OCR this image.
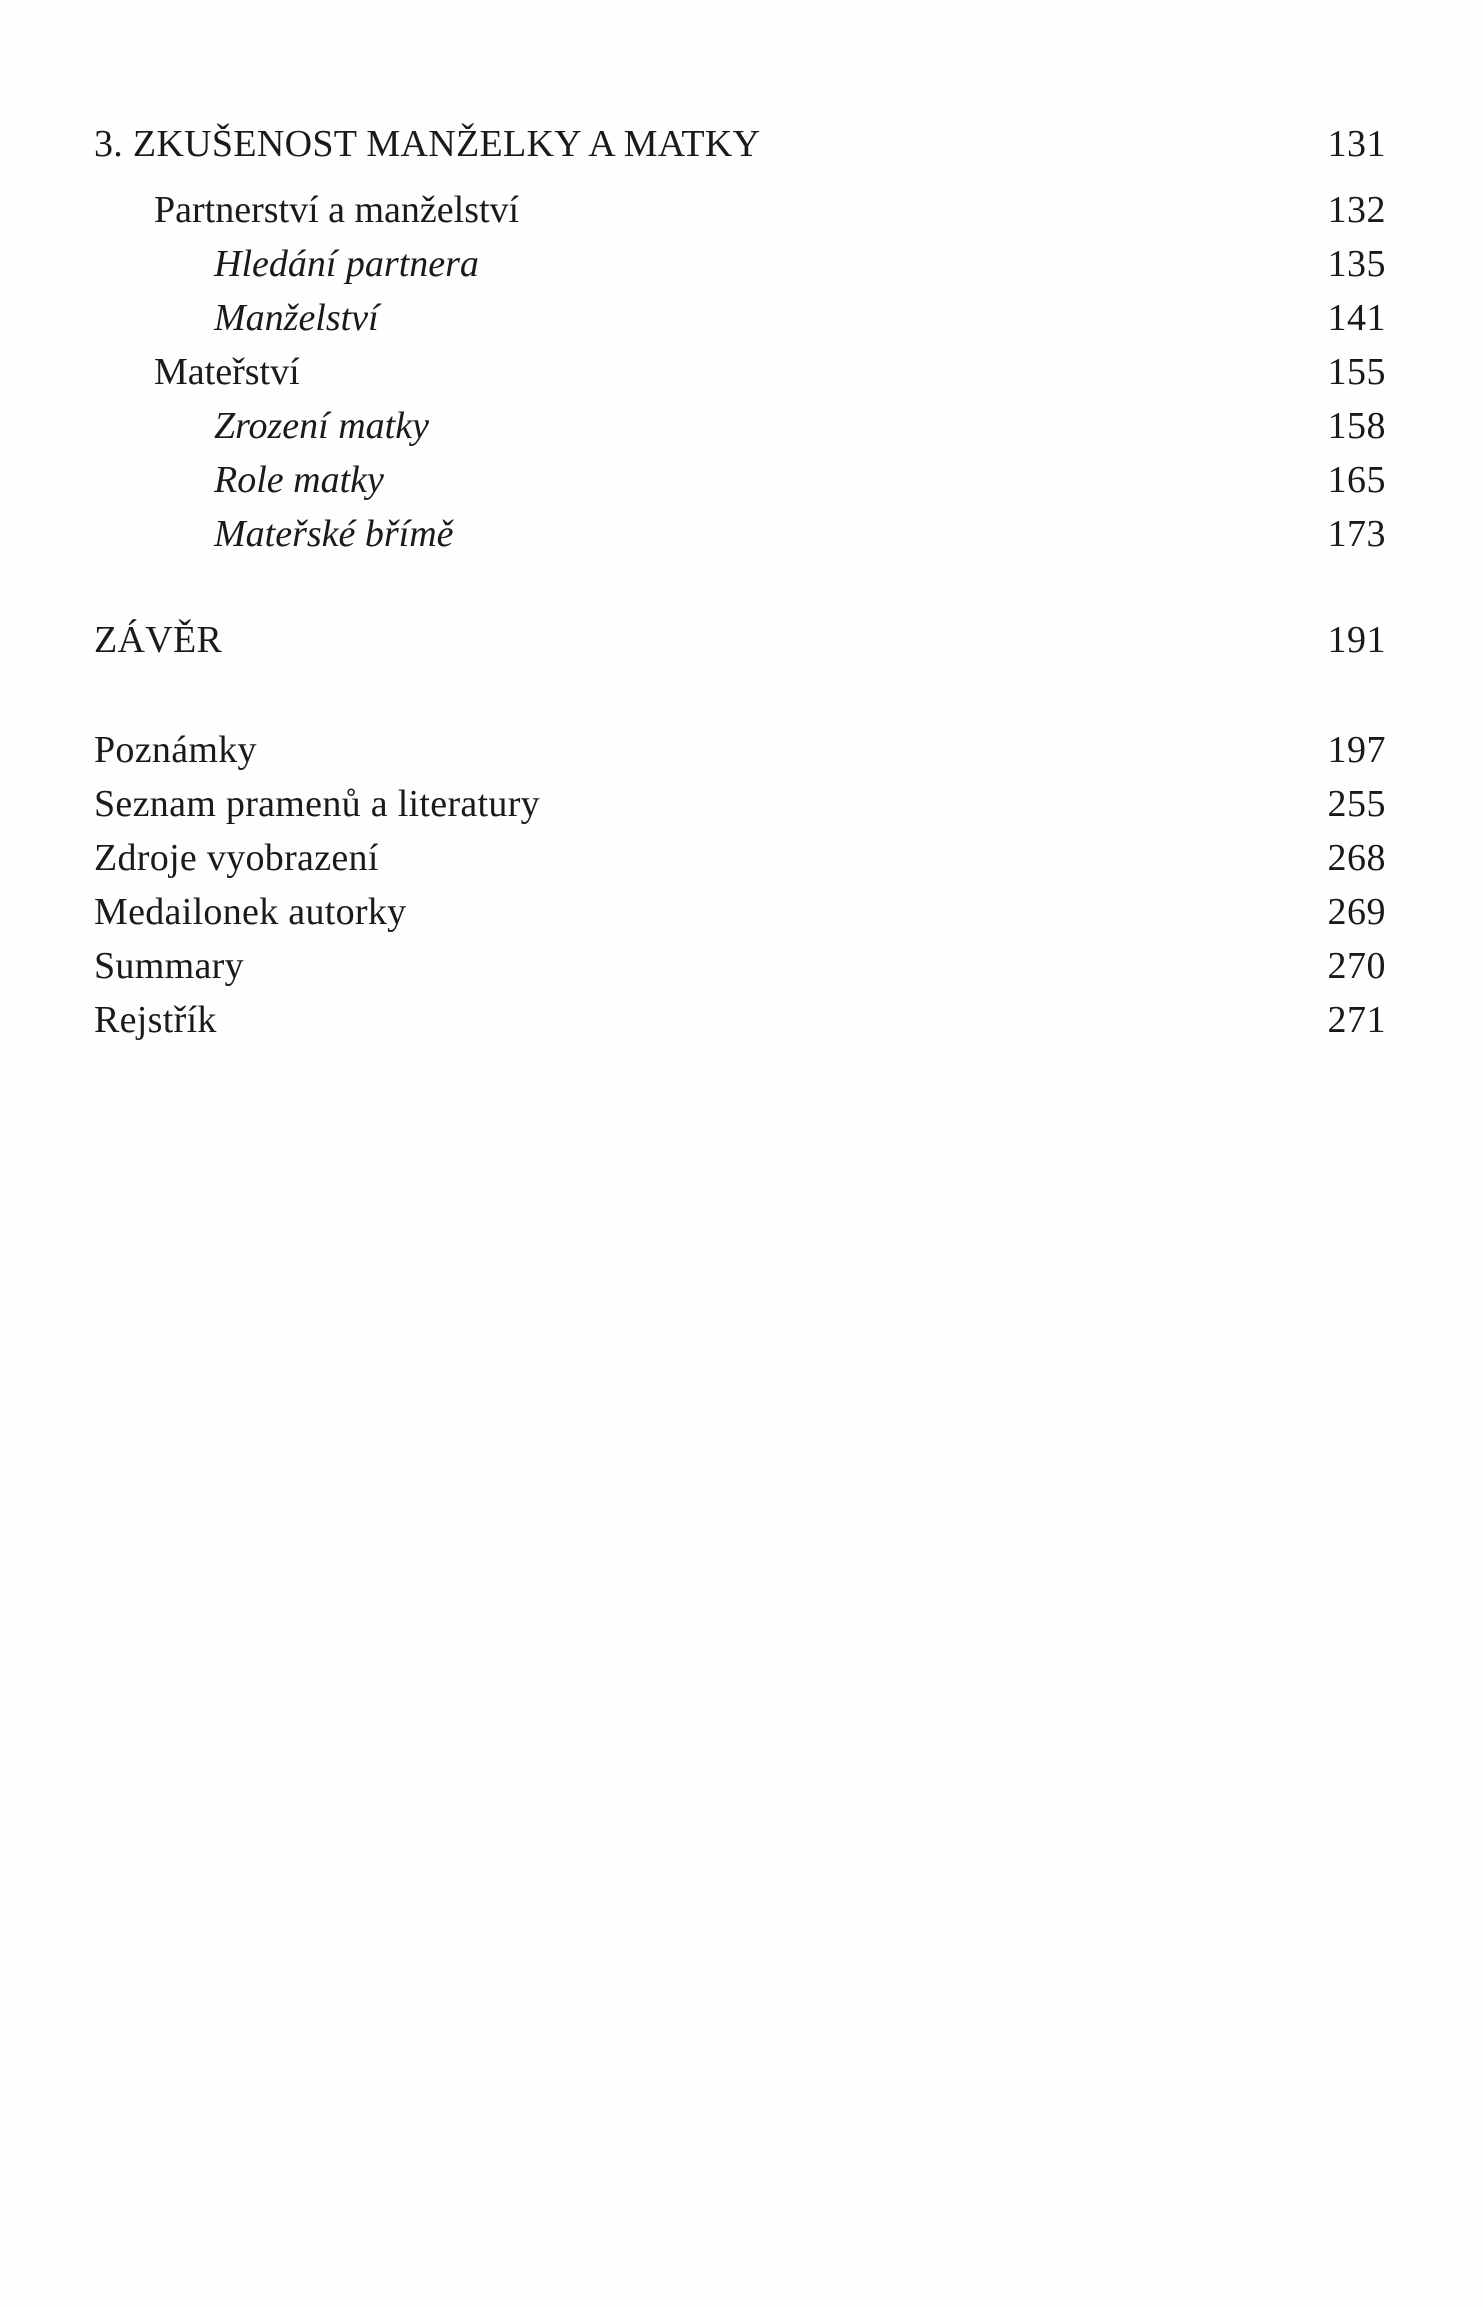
3. ZKUŠENOST MANŽELKY A MATKY	131
Partnerství a manželství	132
Hledání partnera	135
Manželství	141
Mateřství	155
Zrození matky	158
Role matky	165
Mateřské břímě	173
ZÁVĚR	191
Poznámky	197
Seznam pramenů a literatury	255
Zdroje vyobrazení	268
Medailonek autorky	269
Summary	270
Rejstřík	271
